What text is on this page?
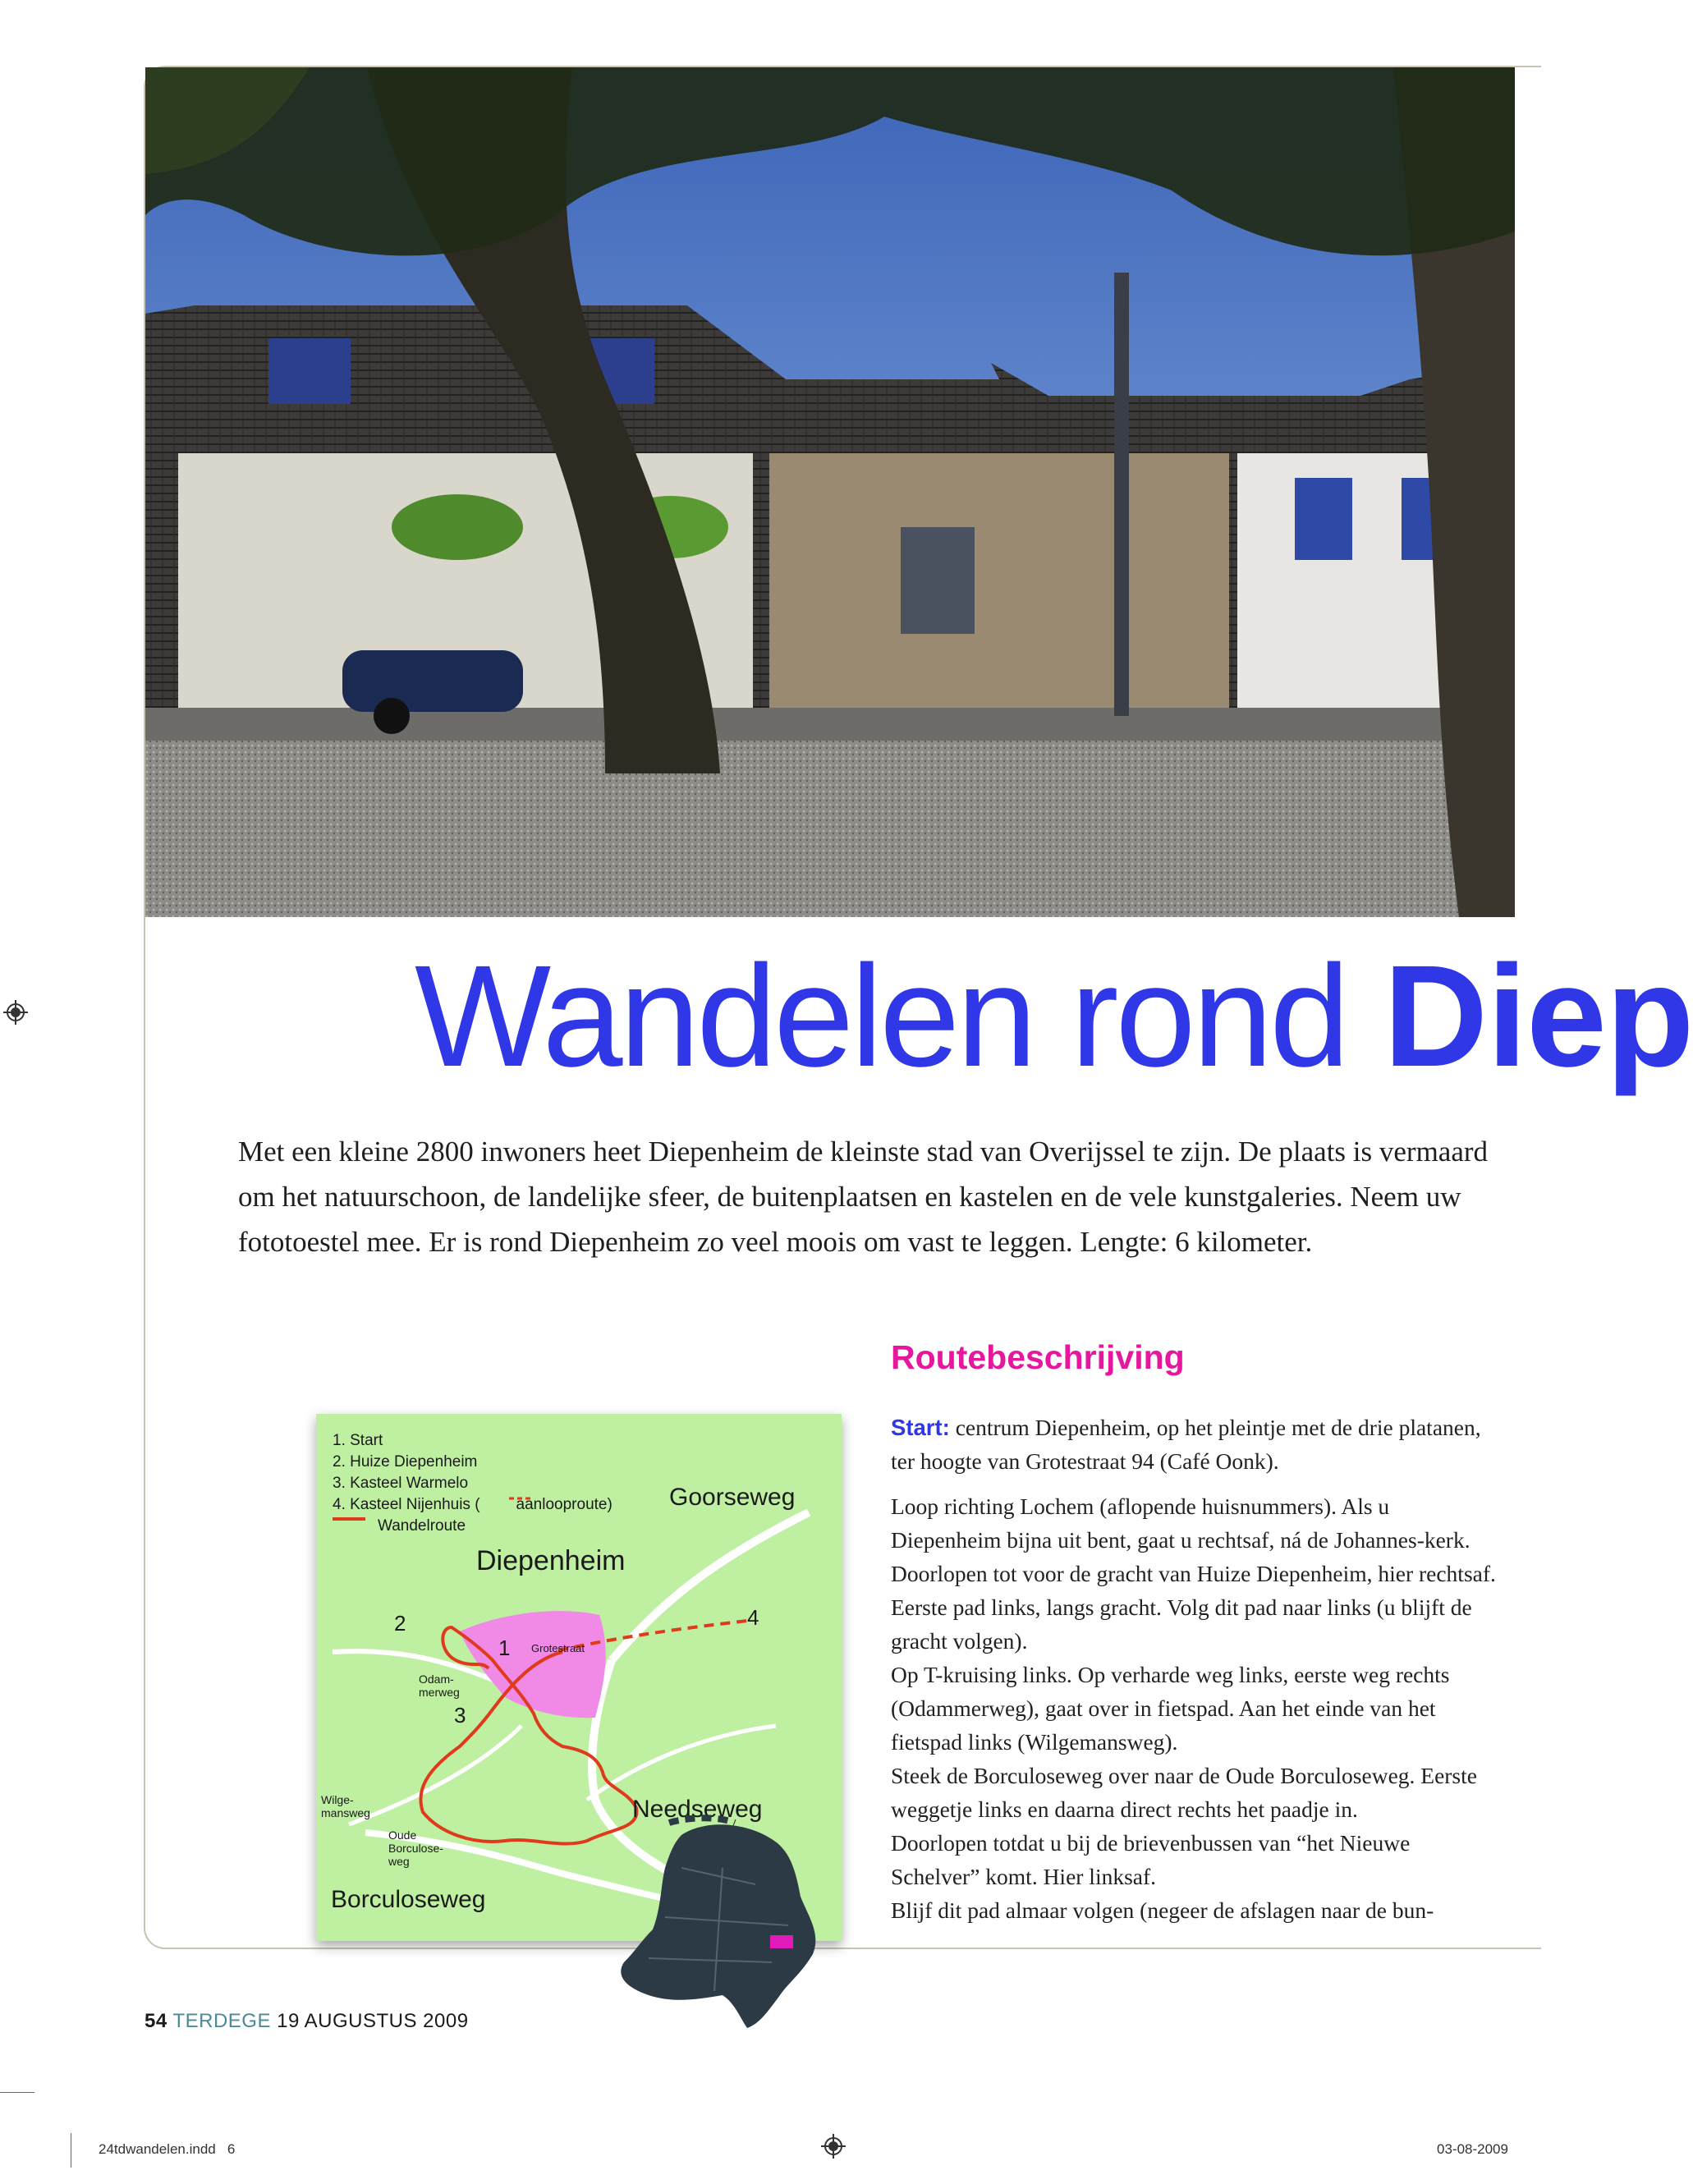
Wandelen rond Diep
Met een kleine 2800 inwoners heet Diepenheim de kleinste stad van Overijssel te zijn. De plaats is vermaard om het natuurschoon, de landelijke sfeer, de buitenplaatsen en kastelen en de vele kunstgaleries. Neem uw fototoestel mee. Er is rond Diepenheim zo veel moois om vast te leggen. Lengte: 6 kilometer.
Routebeschrijving

Start: centrum Diepenheim, op het pleintje met de drie platanen, ter hoogte van Grotestraat 94 (Café Oonk).

Loop richting Lochem (aflopende huisnummers). Als u Diepenheim bijna uit bent, gaat u rechtsaf, ná de Johannes-kerk.
Doorlopen tot voor de gracht van Huize Diepenheim, hier rechtsaf. Eerste pad links, langs gracht. Volg dit pad naar links (u blijft de gracht volgen).
Op T-kruising links. Op verharde weg links, eerste weg rechts (Odammerweg), gaat over in fietspad. Aan het einde van het fietspad links (Wilgemansweg).
Steek de Borculoseweg over naar de Oude Borculoseweg. Eerste weggetje links en daarna direct rechts het paadje in.
Doorlopen totdat u bij de brievenbussen van “het Nieuwe Schelver” komt. Hier linksaf.
Blijf dit pad almaar volgen (negeer de afslagen naar de bun-

1. Start
2. Huize Diepenheim
3. Kasteel Warmelo
4. Kasteel Nijenhuis ( aanlooproute)
Wandelroute
Diepenheim
Goorseweg
Needseweg
Borculoseweg
Grotestraat
Odam-
merweg
Wilge-
mansweg
Oude
Borculose-
weg
1
2
3
4
54 TERDEGE 19 AUGUSTUS 2009
24tdwandelen.indd   6	03-08-2009
